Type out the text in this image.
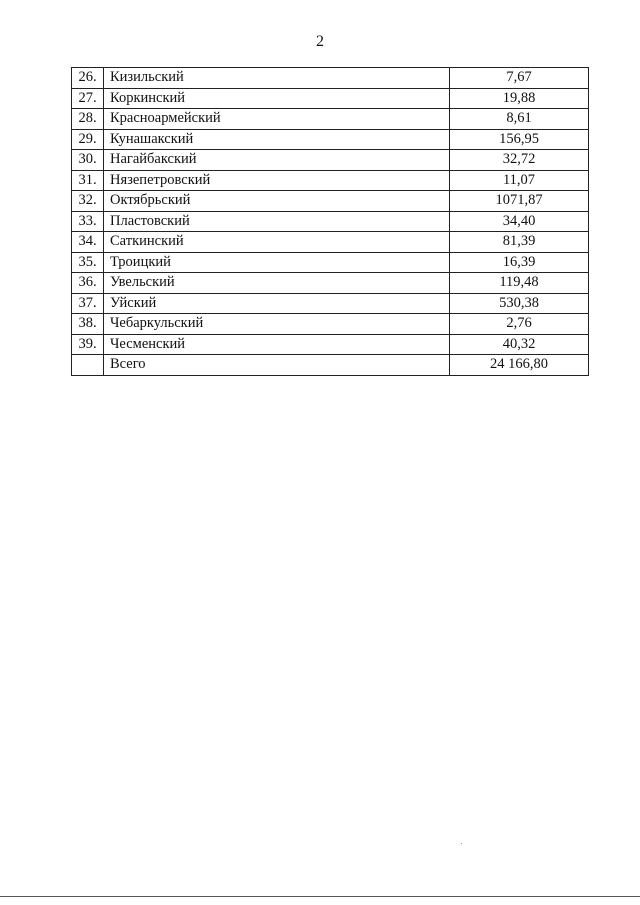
2
26.	Кизильский	7,67
27.	Коркинский	19,88
28.	Красноармейский	8,61
29.	Кунашакский	156,95
30.	Нагайбакский	32,72
31.	Нязепетровский	11,07
32.	Октябрьский	1071,87
33.	Пластовский	34,40
34.	Саткинский	81,39
35.	Троицкий	16,39
36.	Увельский	119,48
37.	Уйский	530,38
38.	Чебаркульский	2,76
39.	Чесменский	40,32
	Всего	24 166,80
